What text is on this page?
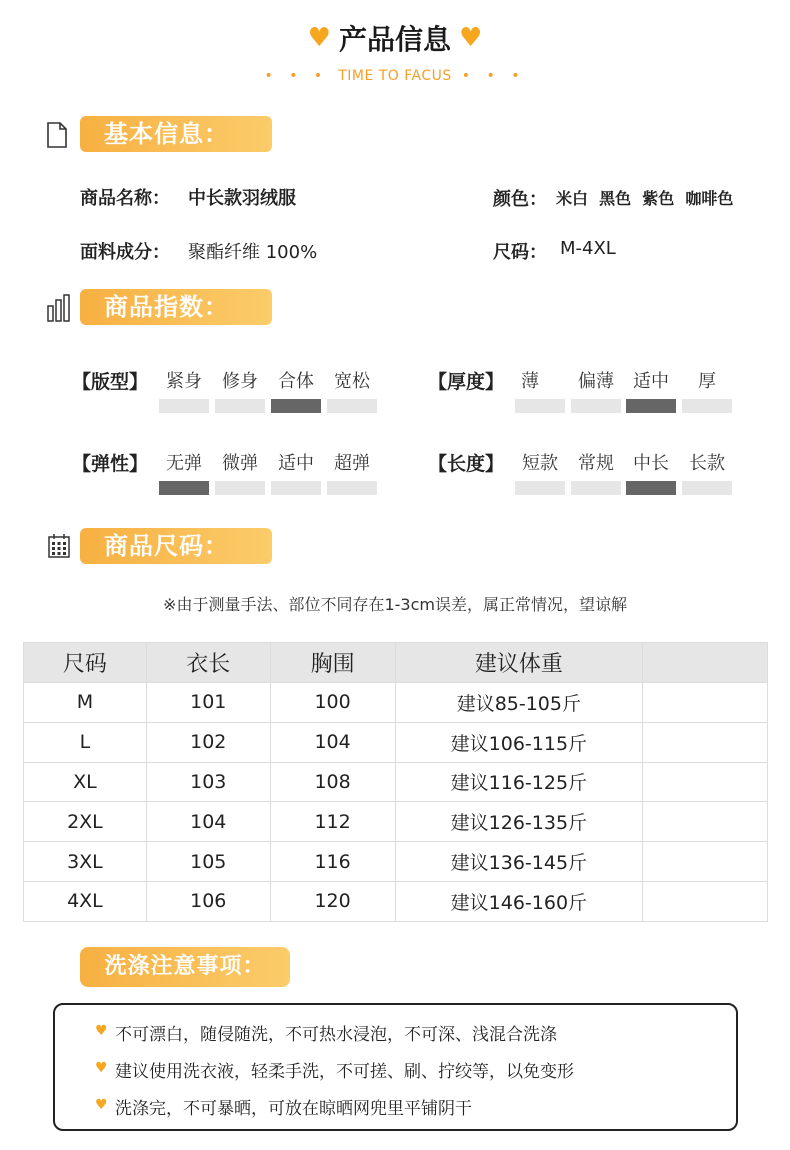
♥ 产品信息 ♥
• • • TIME TO FACUS • • •
基本信息：
商品名称： 中长款羽绒服	颜色： 米白  黑色  紫色  咖啡色
面料成分： 聚酯纤维 100%	尺码： M-4XL
商品指数：
【版型】 紧身	修身	合体	宽松	【厚度】 薄	偏薄	适中	厚
【弹性】 无弹	微弹	适中	超弹	【长度】 短款	常规	中长	长款
商品尺码：
※由于测量手法、部位不同存在1-3cm误差，属正常情况，望谅解
尺码	衣长	胸围	建议体重	
M	101	100	建议85-105斤	
L	102	104	建议106-115斤	
XL	103	108	建议116-125斤	
2XL	104	112	建议126-135斤	
3XL	105	116	建议136-145斤	
4XL	106	120	建议146-160斤	
洗涤注意事项：
♥ 不可漂白，随侵随洗，不可热水浸泡，不可深、浅混合洗涤
♥ 建议使用洗衣液，轻柔手洗，不可搓、刷、拧绞等，以免变形
♥ 洗涤完，不可暴晒，可放在晾晒网兜里平铺阴干
